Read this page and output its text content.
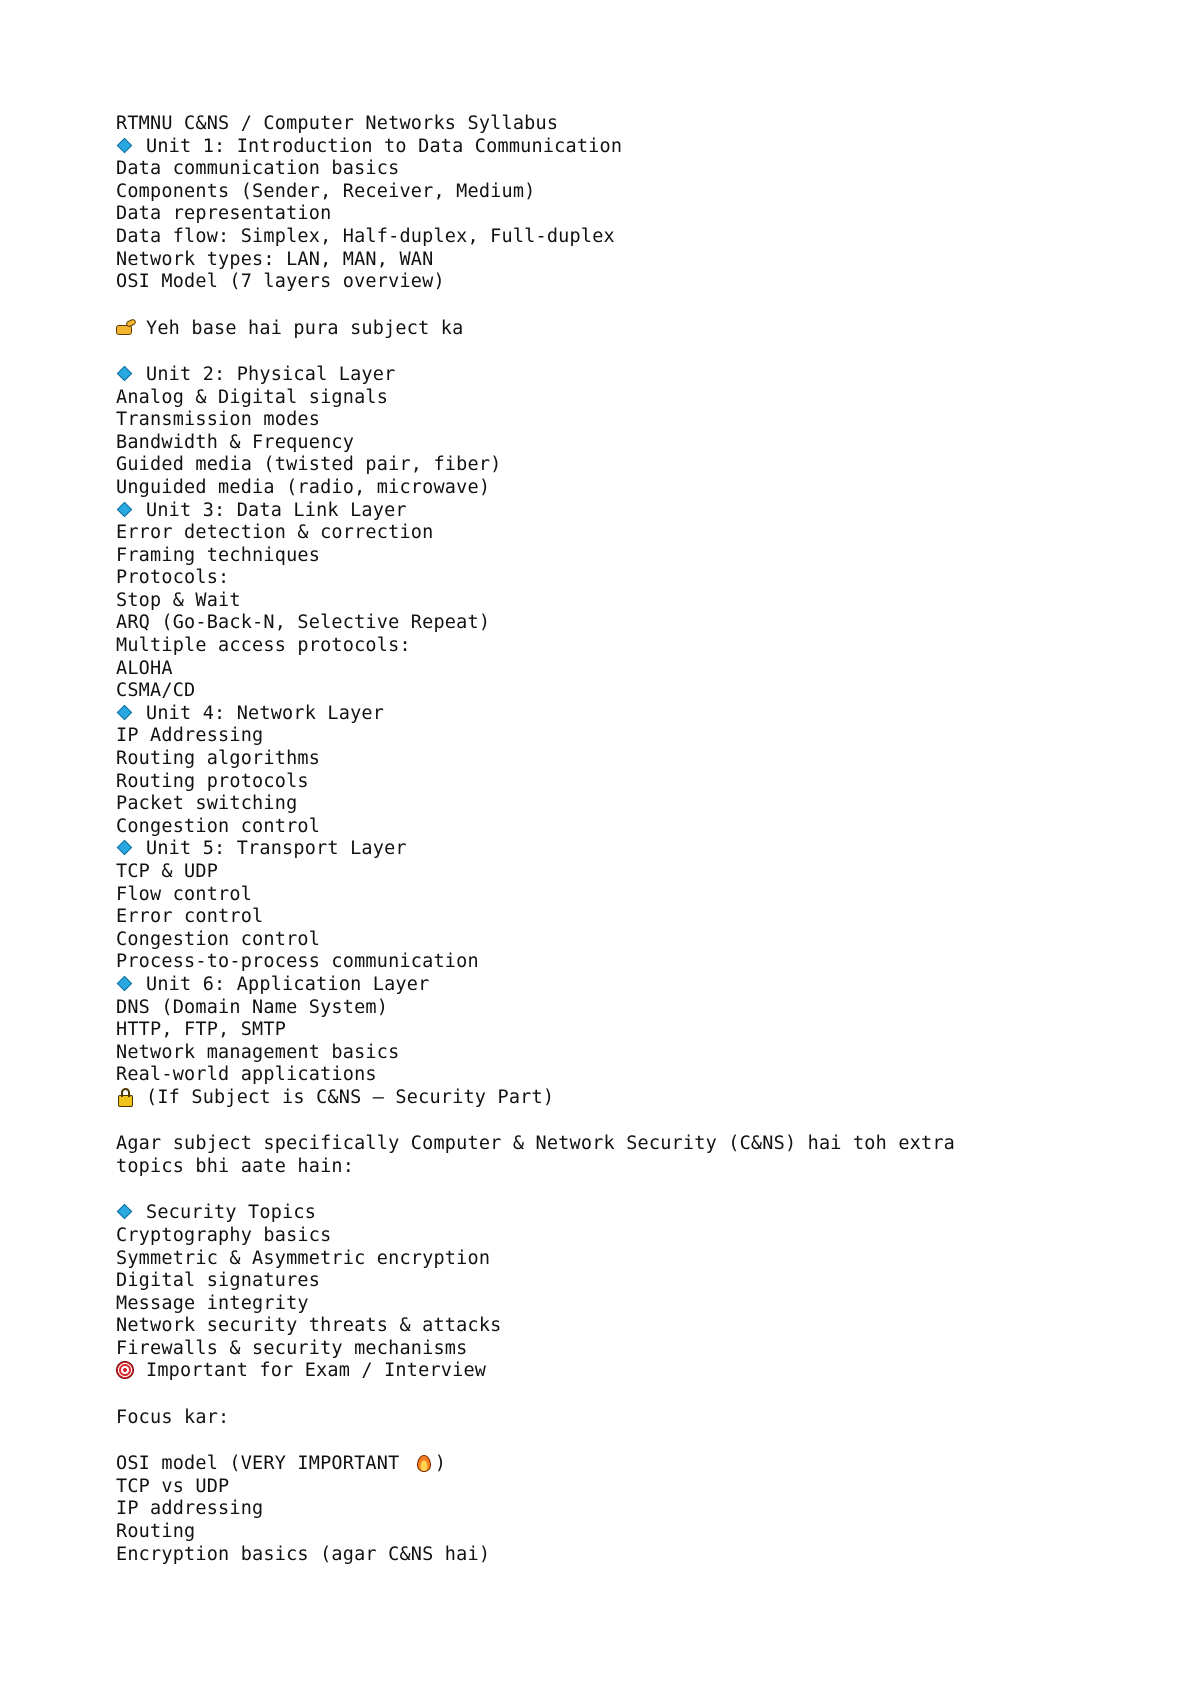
RTMNU C&NS / Computer Networks Syllabus
Unit 1: Introduction to Data Communication
Data communication basics
Components (Sender, Receiver, Medium)
Data representation
Data flow: Simplex, Half-duplex, Full-duplex
Network types: LAN, MAN, WAN
OSI Model (7 layers overview)
Yeh base hai pura subject ka
Unit 2: Physical Layer
Analog & Digital signals
Transmission modes
Bandwidth & Frequency
Guided media (twisted pair, fiber)
Unguided media (radio, microwave)
Unit 3: Data Link Layer
Error detection & correction
Framing techniques
Protocols:
Stop & Wait
ARQ (Go-Back-N, Selective Repeat)
Multiple access protocols:
ALOHA
CSMA/CD
Unit 4: Network Layer
IP Addressing
Routing algorithms
Routing protocols
Packet switching
Congestion control
Unit 5: Transport Layer
TCP & UDP
Flow control
Error control
Congestion control
Process-to-process communication
Unit 6: Application Layer
DNS (Domain Name System)
HTTP, FTP, SMTP
Network management basics
Real-world applications
(If Subject is C&NS – Security Part)
Agar subject specifically Computer & Network Security (C&NS) hai toh extra
topics bhi aate hain:
Security Topics
Cryptography basics
Symmetric & Asymmetric encryption
Digital signatures
Message integrity
Network security threats & attacks
Firewalls & security mechanisms
Important for Exam / Interview
Focus kar:
OSI model (VERY IMPORTANT )
TCP vs UDP
IP addressing
Routing
Encryption basics (agar C&NS hai)
